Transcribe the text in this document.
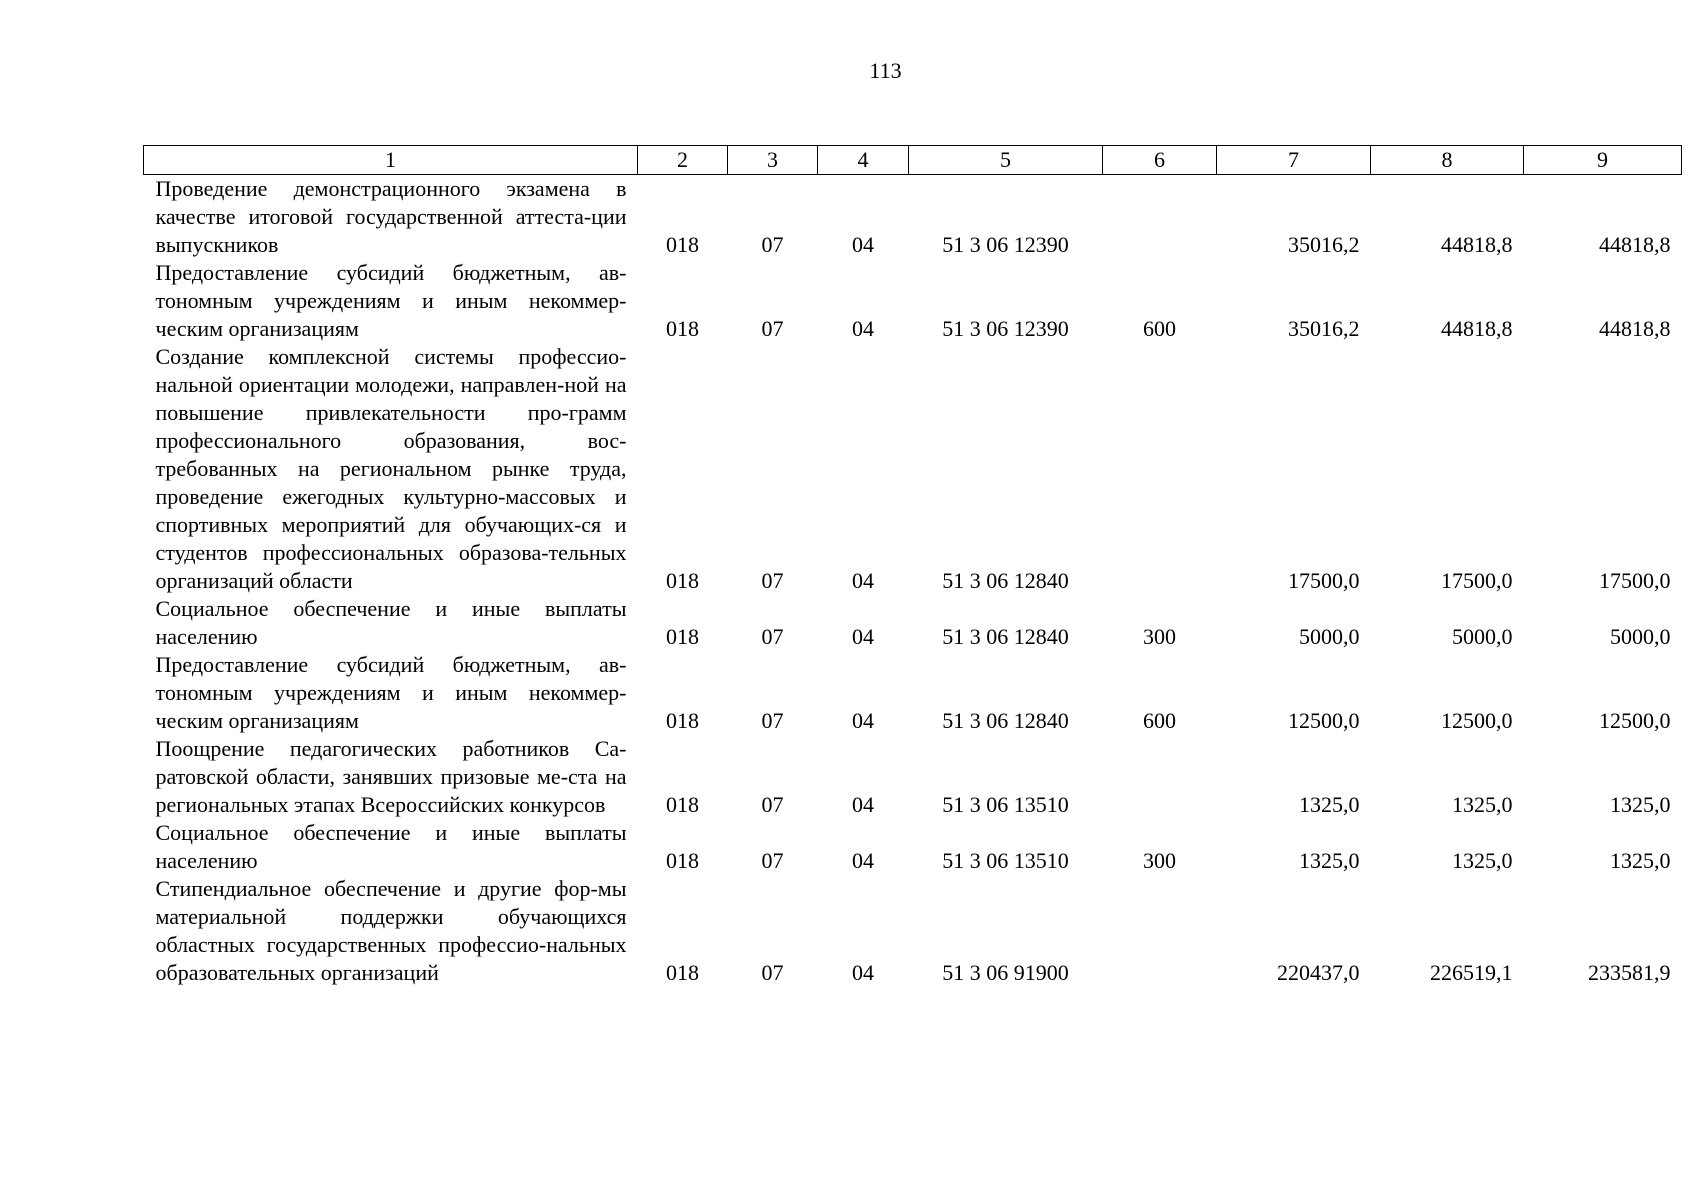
113
1	2	3	4	5	6	7	8	9
Проведение демонстрационного экзамена в качестве итоговой государственной аттеста-ции выпускников	018	07	04	51 3 06 12390		35016,2	44818,8	44818,8
Предоставление субсидий бюджетным, ав-тономным учреждениям и иным некоммер-ческим организациям	018	07	04	51 3 06 12390	600	35016,2	44818,8	44818,8
Создание комплексной системы профессио-нальной ориентации молодежи, направлен-ной на повышение привлекательности про-грамм профессионального образования, вос-требованных на региональном рынке труда, проведение ежегодных культурно-массовых и спортивных мероприятий для обучающих-ся и студентов профессиональных образова-тельных организаций области	018	07	04	51 3 06 12840		17500,0	17500,0	17500,0
Социальное обеспечение и иные выплаты населению	018	07	04	51 3 06 12840	300	5000,0	5000,0	5000,0
Предоставление субсидий бюджетным, ав-тономным учреждениям и иным некоммер-ческим организациям	018	07	04	51 3 06 12840	600	12500,0	12500,0	12500,0
Поощрение педагогических работников Са-ратовской области, занявших призовые ме-ста на региональных этапах Всероссийских конкурсов	018	07	04	51 3 06 13510		1325,0	1325,0	1325,0
Социальное обеспечение и иные выплаты населению	018	07	04	51 3 06 13510	300	1325,0	1325,0	1325,0
Стипендиальное обеспечение и другие фор-мы материальной поддержки обучающихся областных государственных профессио-нальных образовательных организаций	018	07	04	51 3 06 91900		220437,0	226519,1	233581,9
